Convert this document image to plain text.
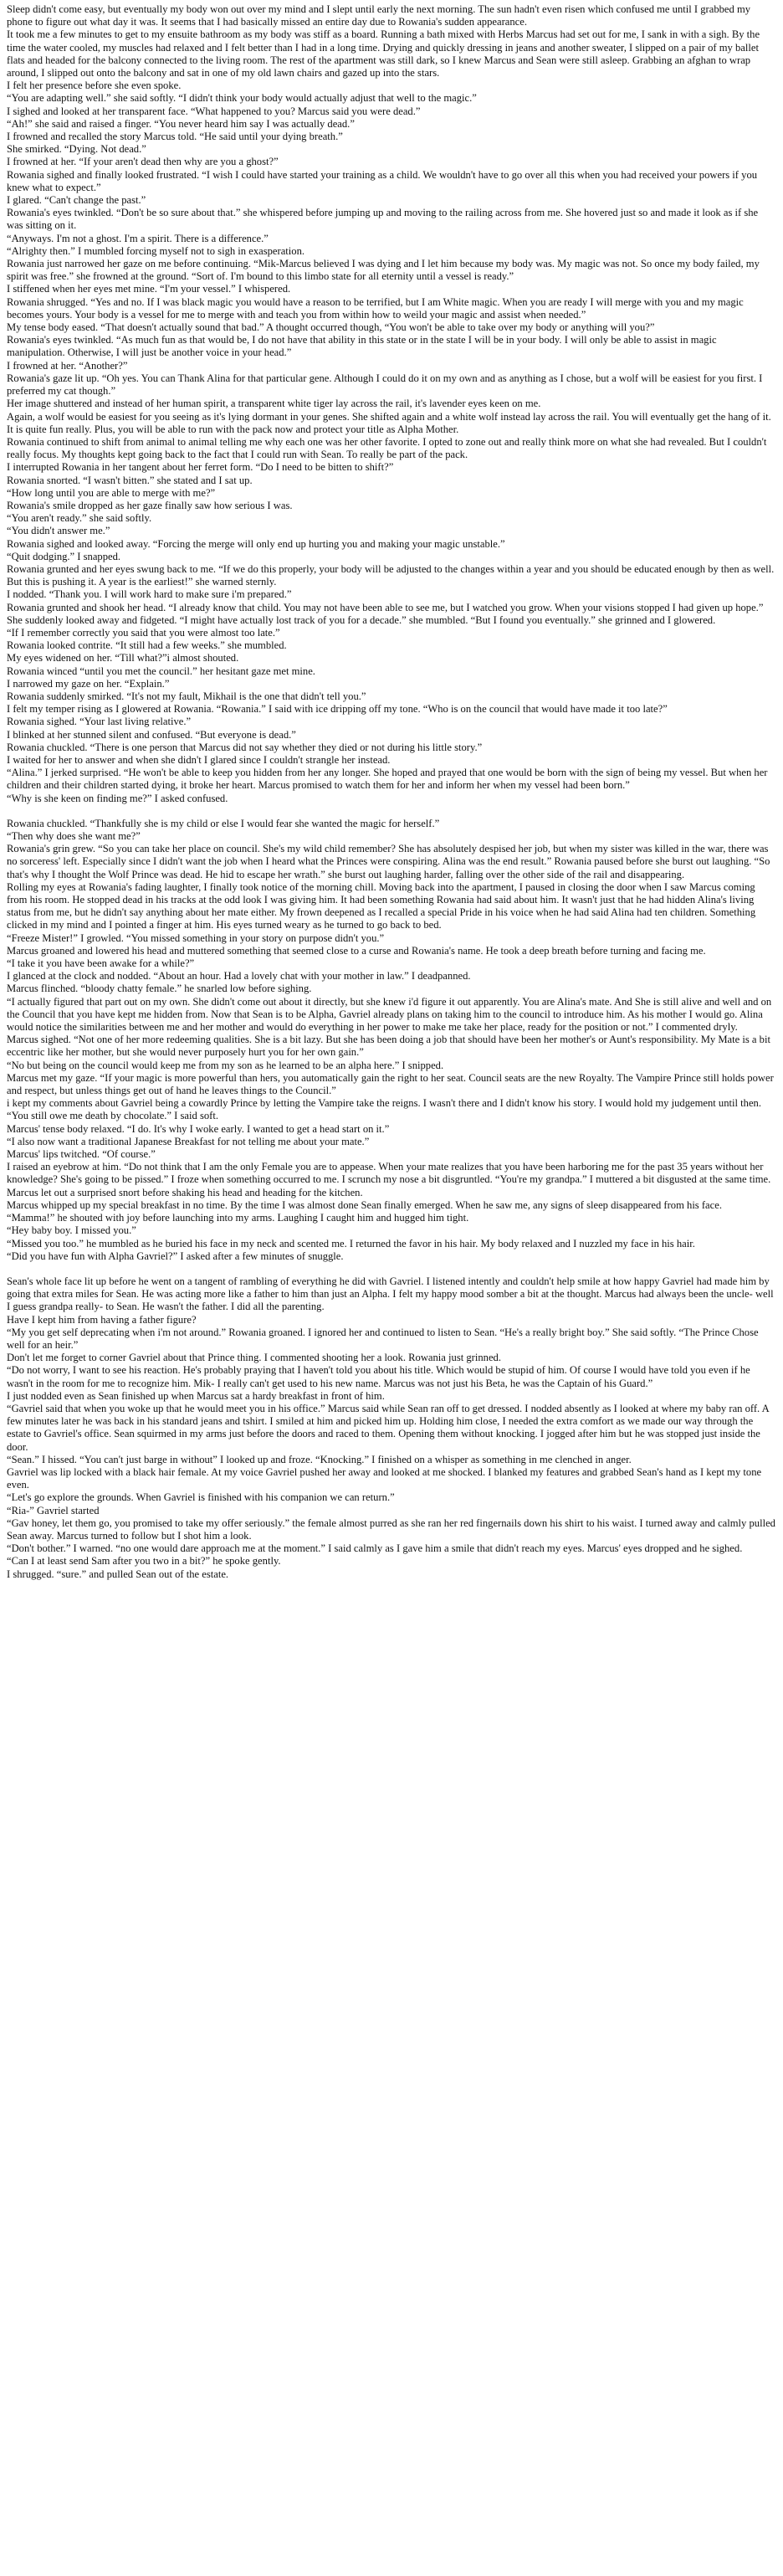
Sleep didn't come easy, but eventually my body won out over my mind and I slept until early the next morning. The sun hadn't even risen which confused me until I grabbed my phone to figure out what day it was. It seems that I had basically missed an entire day due to Rowania's sudden appearance.

It took me a few minutes to get to my ensuite bathroom as my body was stiff as a board. Running a bath mixed with Herbs Marcus had set out for me, I sank in with a sigh. By the time the water cooled, my muscles had relaxed and I felt better than I had in a long time. Drying and quickly dressing in jeans and another sweater, I slipped on a pair of my ballet flats and headed for the balcony connected to the living room. The rest of the apartment was still dark, so I knew Marcus and Sean were still asleep. Grabbing an afghan to wrap around, I slipped out onto the balcony and sat in one of my old lawn chairs and gazed up into the stars.

I felt her presence before she even spoke.

“You are adapting well.” she said softly. “I didn't think your body would actually adjust that well to the magic.”

I sighed and looked at her transparent face. “What happened to you? Marcus said you were dead.”

“Ah!” she said and raised a finger. “You never heard him say I was actually dead.”

I frowned and recalled the story Marcus told. “He said until your dying breath.”

She smirked. “Dying. Not dead.”

I frowned at her. “If your aren't dead then why are you a ghost?”

Rowania sighed and finally looked frustrated. “I wish I could have started your training as a child. We wouldn't have to go over all this when you had received your powers if you knew what to expect.”

I glared. “Can't change the past.”

Rowania's eyes twinkled. “Don't be so sure about that.” she whispered before jumping up and moving to the railing across from me. She hovered just so and made it look as if she was sitting on it.

“Anyways. I'm not a ghost. I'm a spirit. There is a difference.”

“Alrighty then.” I mumbled forcing myself not to sigh in exasperation.

Rowania just narrowed her gaze on me before continuing. “Mik-Marcus believed I was dying and I let him because my body was. My magic was not. So once my body failed, my spirit was free.” she frowned at the ground. “Sort of. I'm bound to this limbo state for all eternity until a vessel is ready.”

I stiffened when her eyes met mine. “I'm your vessel.” I whispered.

Rowania shrugged. “Yes and no. If I was black magic you would have a reason to be terrified, but I am White magic. When you are ready I will merge with you and my magic becomes yours. Your body is a vessel for me to merge with and teach you from within how to weild your magic and assist when needed.”

My tense body eased. “That doesn't actually sound that bad.” A thought occurred though, “You won't be able to take over my body or anything will you?”

Rowania's eyes twinkled. “As much fun as that would be, I do not have that ability in this state or in the state I will be in your body. I will only be able to assist in magic manipulation. Otherwise, I will just be another voice in your head.”

I frowned at her. “Another?”

Rowania's gaze lit up. “Oh yes. You can Thank Alina for that particular gene. Although I could do it on my own and as anything as I chose, but a wolf will be easiest for you first. I preferred my cat though.”

Her image shuttered and instead of her human spirit, a transparent white tiger lay across the rail, it's lavender eyes keen on me.

Again, a wolf would be easiest for you seeing as it's lying dormant in your genes. She shifted again and a white wolf instead lay across the rail. You will eventually get the hang of it. It is quite fun really. Plus, you will be able to run with the pack now and protect your title as Alpha Mother.

Rowania continued to shift from animal to animal telling me why each one was her other favorite. I opted to zone out and really think more on what she had revealed. But I couldn't really focus. My thoughts kept going back to the fact that I could run with Sean. To really be part of the pack.

I interrupted Rowania in her tangent about her ferret form. “Do I need to be bitten to shift?”

Rowania snorted. “I wasn't bitten.” she stated and I sat up.

“How long until you are able to merge with me?”

Rowania's smile dropped as her gaze finally saw how serious I was.

“You aren't ready.” she said softly.

“You didn't answer me.”

Rowania sighed and looked away. “Forcing the merge will only end up hurting you and making your magic unstable.”

“Quit dodging.” I snapped.

Rowania grunted and her eyes swung back to me. “If we do this properly, your body will be adjusted to the changes within a year and you should be educated enough by then as well. But this is pushing it. A year is the earliest!” she warned sternly.

I nodded. “Thank you. I will work hard to make sure i'm prepared.”

Rowania grunted and shook her head. “I already know that child. You may not have been able to see me, but I watched you grow. When your visions stopped I had given up hope.” She suddenly looked away and fidgeted. “I might have actually lost track of you for a decade.” she mumbled. “But I found you eventually.” she grinned and I glowered.

“If I remember correctly you said that you were almost too late.”

Rowania looked contrite. “It still had a few weeks.” she mumbled.

My eyes widened on her. “Till what?”i almost shouted.

Rowania winced “until you met the council.” her hesitant gaze met mine.

I narrowed my gaze on her. “Explain.”

Rowania suddenly smirked. “It's not my fault, Mikhail is the one that didn't tell you.”

I felt my temper rising as I glowered at Rowania. “Rowania.” I said with ice dripping off my tone. “Who is on the council that would have made it too late?”

Rowania sighed. “Your last living relative.”

I blinked at her stunned silent and confused. “But everyone is dead.”

Rowania chuckled. “There is one person that Marcus did not say whether they died or not during his little story.”

I waited for her to answer and when she didn't I glared since I couldn't strangle her instead.

“Alina.” I jerked surprised. “He won't be able to keep you hidden from her any longer. She hoped and prayed that one would be born with the sign of being my vessel. But when her children and their children started dying, it broke her heart. Marcus promised to watch them for her and inform her when my vessel had been born.”

“Why is she keen on finding me?” I asked confused.

Rowania chuckled. “Thankfully she is my child or else I would fear she wanted the magic for herself.”

“Then why does she want me?”

Rowania's grin grew. “So you can take her place on council. She's my wild child remember? She has absolutely despised her job, but when my sister was killed in the war, there was no sorceress' left. Especially since I didn't want the job when I heard what the Princes were conspiring. Alina was the end result.” Rowania paused before she burst out laughing. “So that's why I thought the Wolf Prince was dead. He hid to escape her wrath.” she burst out laughing harder, falling over the other side of the rail and disappearing.

Rolling my eyes at Rowania's fading laughter, I finally took notice of the morning chill. Moving back into the apartment, I paused in closing the door when I saw Marcus coming from his room. He stopped dead in his tracks at the odd look I was giving him. It had been something Rowania had said about him. It wasn't just that he had hidden Alina's living status from me, but he didn't say anything about her mate either. My frown deepened as I recalled a special Pride in his voice when he had said Alina had ten children. Something clicked in my mind and I pointed a finger at him. His eyes turned weary as he turned to go back to bed.

“Freeze Mister!” I growled. “You missed something in your story on purpose didn't you.”

Marcus groaned and lowered his head and muttered something that seemed close to a curse and Rowania's name. He took a deep breath before turning and facing me.

“I take it you have been awake for a while?”

I glanced at the clock and nodded. “About an hour. Had a lovely chat with your mother in law.” I deadpanned.

Marcus flinched. “bloody chatty female.” he snarled low before sighing.

“I actually figured that part out on my own. She didn't come out about it directly, but she knew i'd figure it out apparently. You are Alina's mate. And She is still alive and well and on the Council that you have kept me hidden from. Now that Sean is to be Alpha, Gavriel already plans on taking him to the council to introduce him. As his mother I would go. Alina would notice the similarities between me and her mother and would do everything in her power to make me take her place, ready for the position or not.” I commented dryly.

Marcus sighed. “Not one of her more redeeming qualities. She is a bit lazy. But she has been doing a job that should have been her mother's or Aunt's responsibility. My Mate is a bit eccentric like her mother, but she would never purposely hurt you for her own gain.”

“No but being on the council would keep me from my son as he learned to be an alpha here.” I snipped.

Marcus met my gaze. “If your magic is more powerful than hers, you automatically gain the right to her seat. Council seats are the new Royalty. The Vampire Prince still holds power and respect, but unless things get out of hand he leaves things to the Council.”

i kept my comments about Gavriel being a cowardly Prince by letting the Vampire take the reigns. I wasn't there and I didn't know his story. I would hold my judgement until then.

“You still owe me death by chocolate.” I said soft.

Marcus' tense body relaxed. “I do. It's why I woke early. I wanted to get a head start on it.”

“I also now want a traditional Japanese Breakfast for not telling me about your mate.”

Marcus' lips twitched. “Of course.”

I raised an eyebrow at him. “Do not think that I am the only Female you are to appease. When your mate realizes that you have been harboring me for the past 35 years without her knowledge? She's going to be pissed.” I froze when something occurred to me. I scrunch my nose a bit disgruntled. “You're my grandpa.” I muttered a bit disgusted at the same time.

Marcus let out a surprised snort before shaking his head and heading for the kitchen.

Marcus whipped up my special breakfast in no time. By the time I was almost done Sean finally emerged. When he saw me, any signs of sleep disappeared from his face.

“Mamma!” he shouted with joy before launching into my arms. Laughing I caught him and hugged him tight.

“Hey baby boy. I missed you.”

“Missed you too.” he mumbled as he buried his face in my neck and scented me. I returned the favor in his hair. My body relaxed and I nuzzled my face in his hair.

“Did you have fun with Alpha Gavriel?” I asked after a few minutes of snuggle.

Sean's whole face lit up before he went on a tangent of rambling of everything he did with Gavriel. I listened intently and couldn't help smile at how happy Gavriel had made him by going that extra miles for Sean. He was acting more like a father to him than just an Alpha. I felt my happy mood somber a bit at the thought. Marcus had always been the uncle- well I guess grandpa really- to Sean. He wasn't the father. I did all the parenting.

Have I kept him from having a father figure?

“My you get self deprecating when i'm not around.” Rowania groaned. I ignored her and continued to listen to Sean. “He's a really bright boy.” She said softly. “The Prince Chose well for an heir.”

Don't let me forget to corner Gavriel about that Prince thing. I commented shooting her a look. Rowania just grinned.

“Do not worry, I want to see his reaction. He's probably praying that I haven't told you about his title. Which would be stupid of him. Of course I would have told you even if he wasn't in the room for me to recognize him. Mik- I really can't get used to his new name. Marcus was not just his Beta, he was the Captain of his Guard.”

I just nodded even as Sean finished up when Marcus sat a hardy breakfast in front of him.

“Gavriel said that when you woke up that he would meet you in his office.” Marcus said while Sean ran off to get dressed. I nodded absently as I looked at where my baby ran off. A few minutes later he was back in his standard jeans and tshirt. I smiled at him and picked him up. Holding him close, I needed the extra comfort as we made our way through the estate to Gavriel's office. Sean squirmed in my arms just before the doors and raced to them. Opening them without knocking. I jogged after him but he was stopped just inside the door.

“Sean.” I hissed. “You can't just barge in without” I looked up and froze. “Knocking.” I finished on a whisper as something in me clenched in anger.

Gavriel was lip locked with a black hair female. At my voice Gavriel pushed her away and looked at me shocked. I blanked my features and grabbed Sean's hand as I kept my tone even.

“Let's go explore the grounds. When Gavriel is finished with his companion we can return.”

“Ria-” Gavriel started

“Gav honey, let them go, you promised to take my offer seriously.” the female almost purred as she ran her red fingernails down his shirt to his waist. I turned away and calmly pulled Sean away. Marcus turned to follow but I shot him a look.

“Don't bother.” I warned. “no one would dare approach me at the moment.” I said calmly as I gave him a smile that didn't reach my eyes. Marcus' eyes dropped and he sighed.

“Can I at least send Sam after you two in a bit?” he spoke gently.

I shrugged. “sure.” and pulled Sean out of the estate.
